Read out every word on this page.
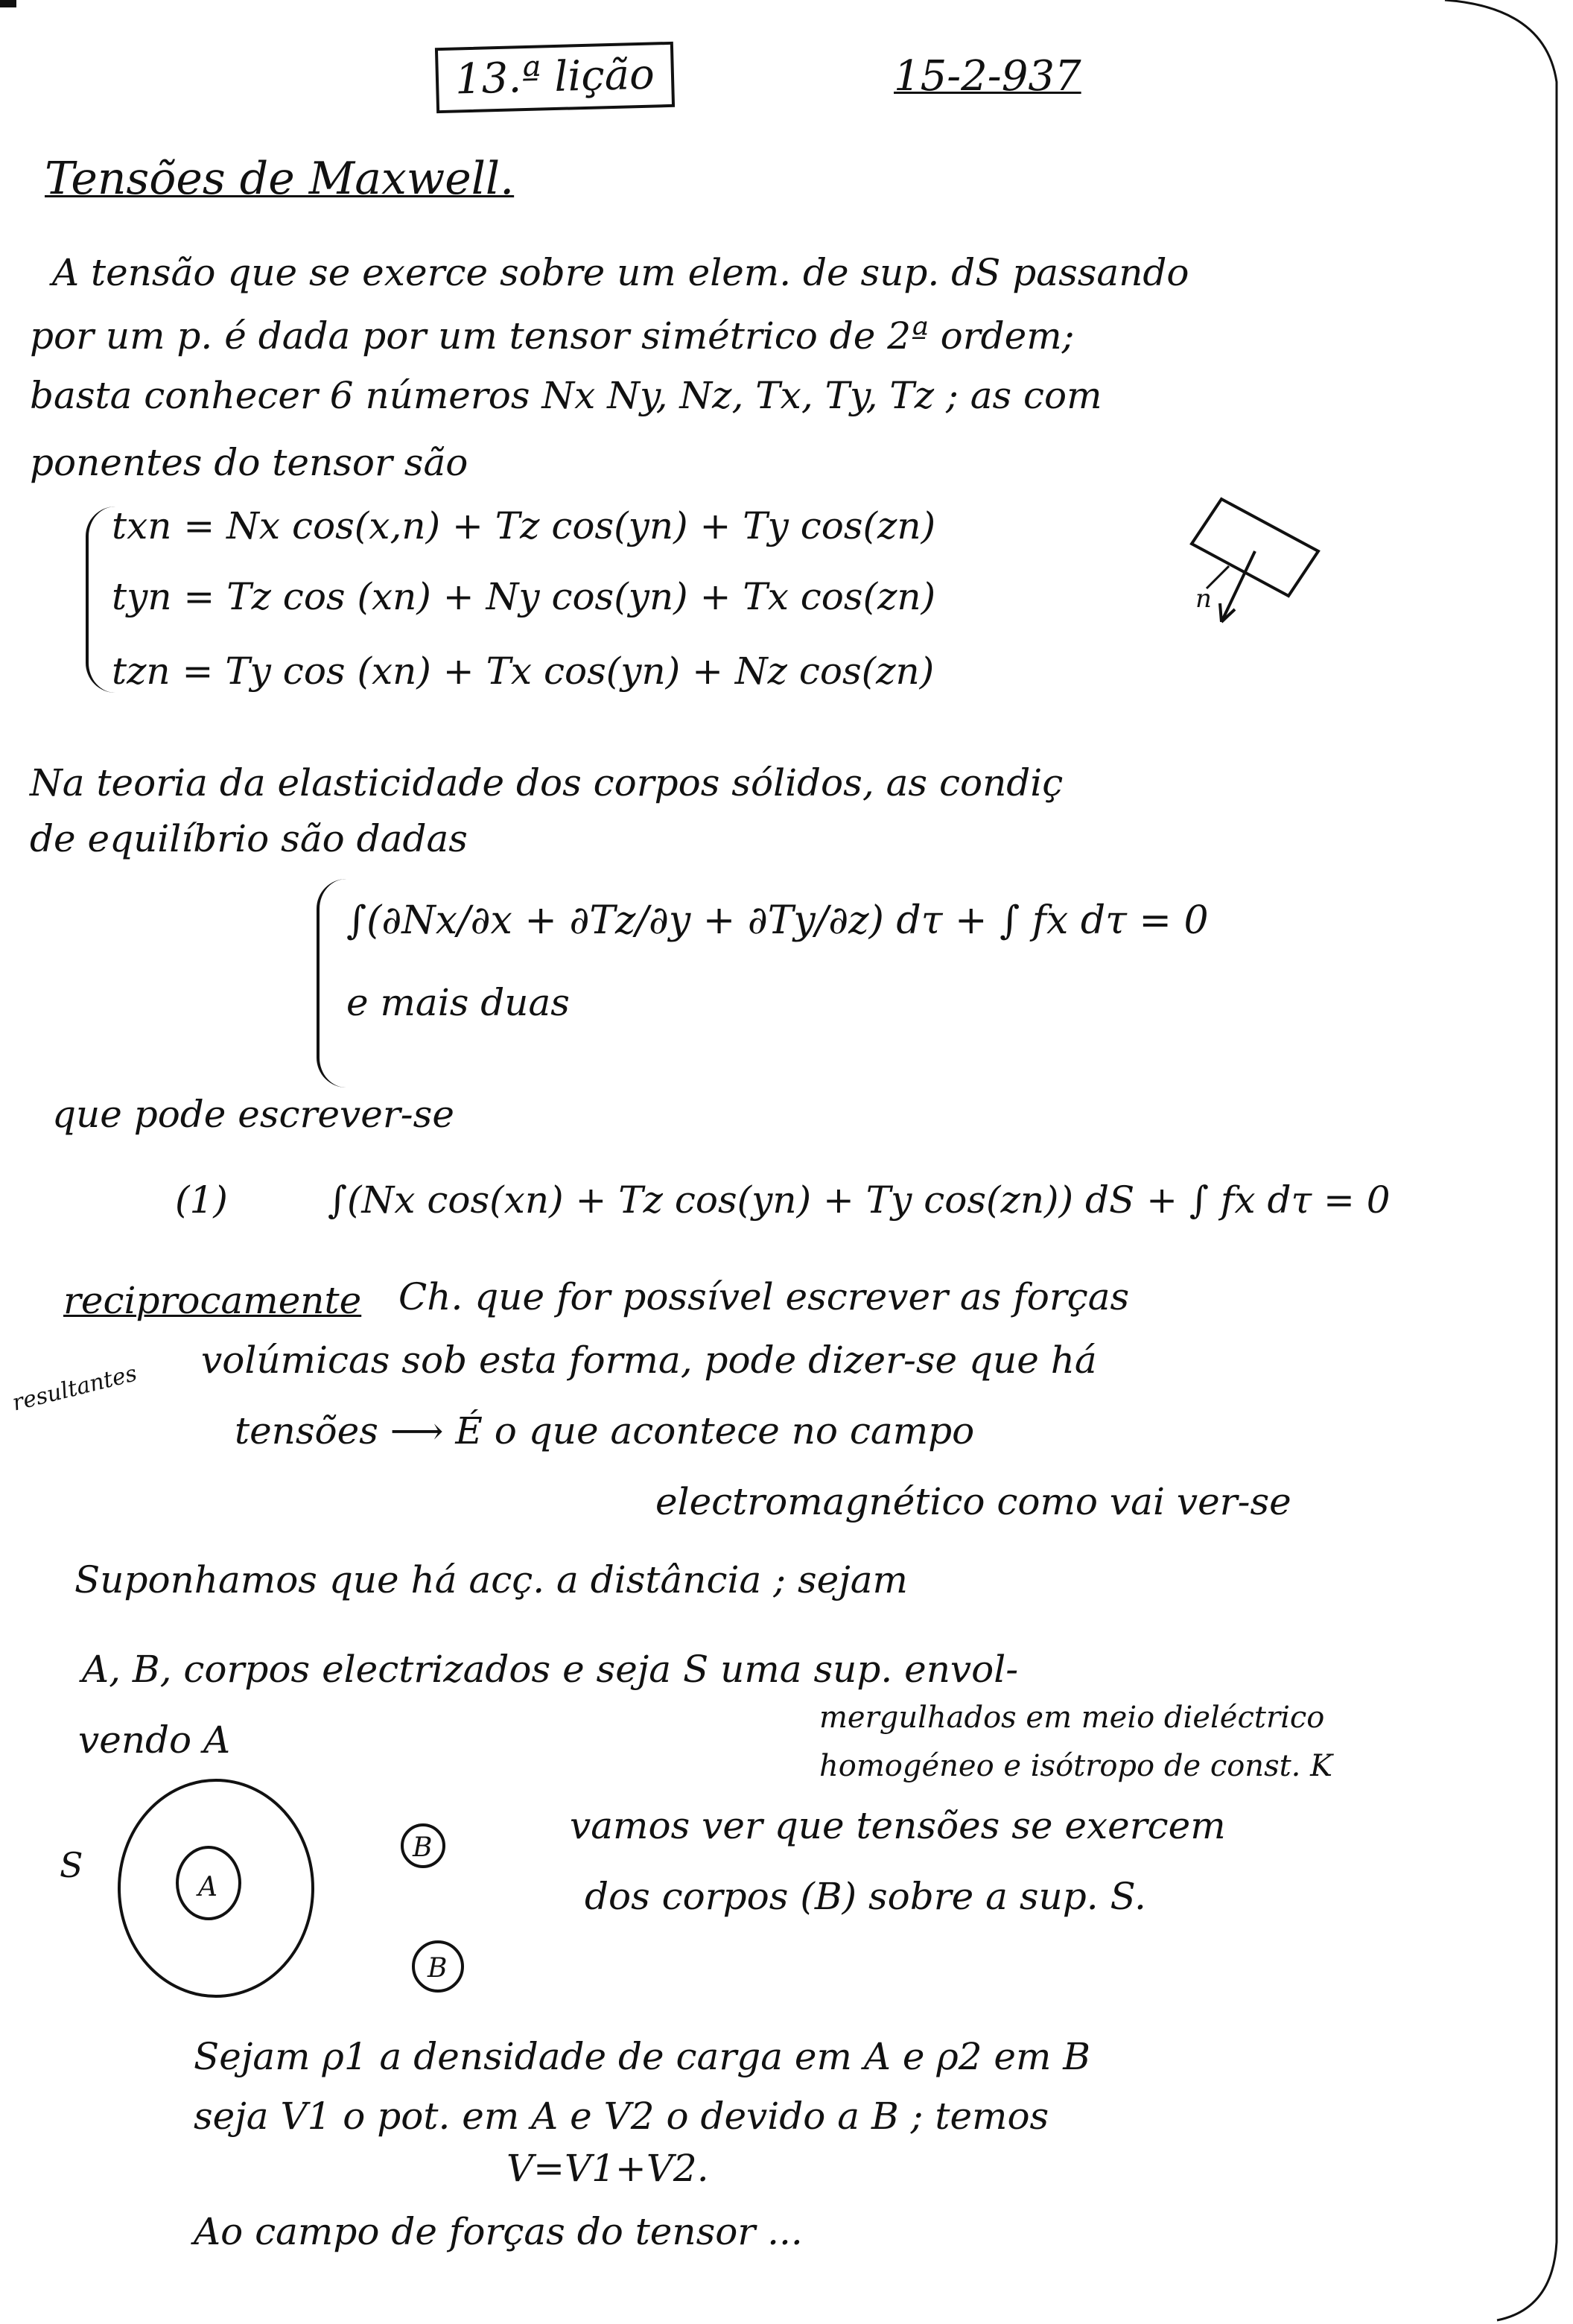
13.ª lição	15-2-937
Tensões de Maxwell.
A tensão que se exerce sobre um elem. de sup. dS passando
por um p. é dada por um tensor simétrico de 2ª ordem;
basta conhecer 6 números Nx Ny, Nz, Tx, Ty, Tz ; as com
ponentes do tensor são
txn = Nx cos(x,n) + Tz cos(yn) + Ty cos(zn)
tyn = Tz cos (xn) + Ny cos(yn) + Tx cos(zn)
tzn = Ty cos (xn) + Tx cos(yn) + Nz cos(zn)
n
Na teoria da elasticidade dos corpos sólidos, as condiç
de equilíbrio são dadas
∫(∂Nx/∂x + ∂Tz/∂y + ∂Ty/∂z) dτ + ∫ fx dτ = 0
e mais duas
que pode escrever-se
(1)	∫(Nx cos(xn) + Tz cos(yn) + Ty cos(zn)) dS + ∫ fx dτ = 0
reciprocamente Ch. que for possível escrever as forças
resultantes
volúmicas sob esta forma, pode dizer-se que há
tensões ⟶ É o que acontece no campo
electromagnético como vai ver-se
Suponhamos que há acç. a distância ; sejam
A, B, corpos electrizados e seja S uma sup. envol-
mergulhados em meio dieléctrico
vendo A
homogéneo e isótropo de const. K
S
A
B
B
vamos ver que tensões se exercem
dos corpos (B) sobre a sup. S.
Sejam ρ1 a densidade de carga em A e ρ2 em B
seja V1 o pot. em A e V2 o devido a B ; temos
V=V1+V2.
Ao campo de forças do tensor ...
